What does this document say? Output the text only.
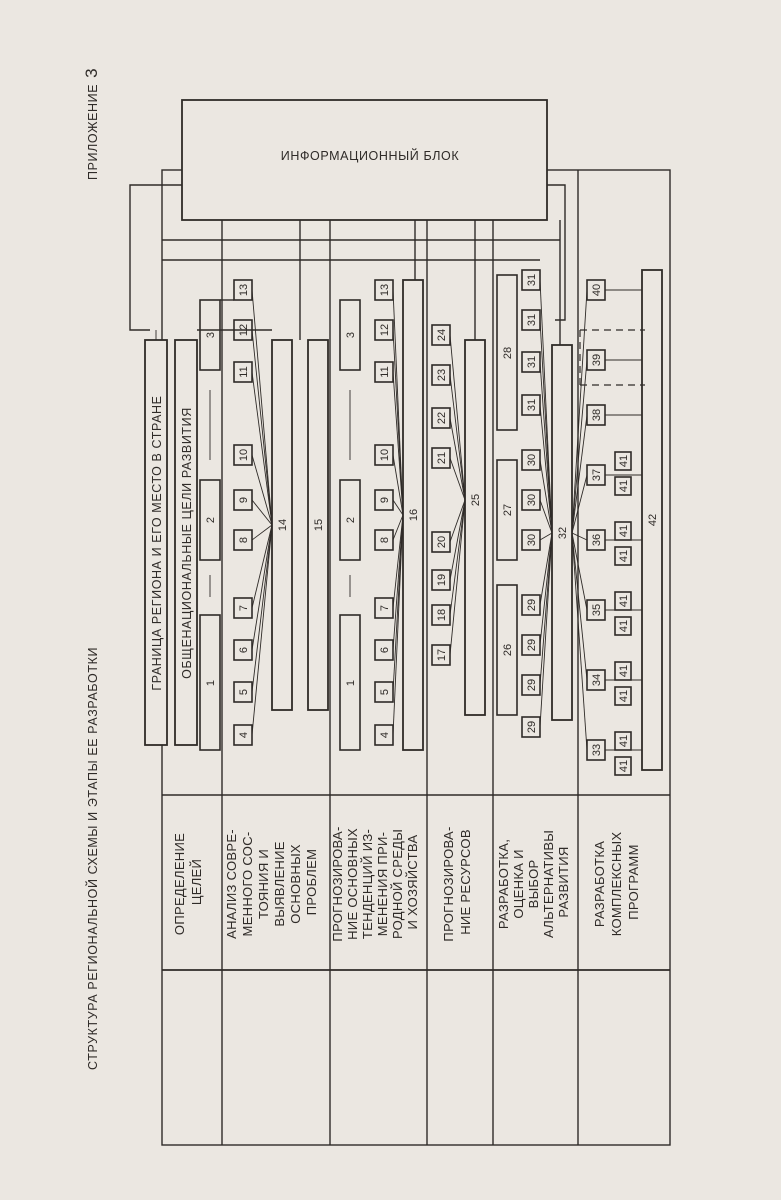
СТРУКТУРА РЕГИОНАЛЬНОЙ СХЕМЫ И ЭТАПЫ ЕЕ РАЗРАБОТКИ
ПРИЛОЖЕНИЕ3
ОПРЕДЕЛЕНИЕ ЦЕЛЕЙ АНАЛИЗ СОВРЕ- МЕННОГО СОС- ТОЯНИЯ И ВЫЯВЛЕНИЕ ОСНОВНЫХ ПРОБЛЕМ ПРОГНОЗИРОВА- НИЕ ОСНОВНЫХ ТЕНДЕНЦИЙ ИЗ- МЕНЕНИЯ ПРИ- РОДНОЙ СРЕДЫ И ХОЗЯЙСТВА ПРОГНОЗИРОВА- НИЕ РЕСУРСОВ РАЗРАБОТКА, ОЦЕНКА И ВЫБОР АЛЬТЕРНАТИВЫ РАЗВИТИЯ РАЗРАБОТКА КОМПЛЕКСНЫХ ПРОГРАММ
ИНФОРМАЦИОННЫЙ БЛОК
ГРАНИЦА РЕГИОНА И ЕГО МЕСТО В СТРАНЕ ОБЩЕНАЦИОНАЛЬНЫЕ ЦЕЛИ РАЗВИТИЯ
1
2
3
4
5
6
7
8
9
10
11
12
13
14 15
1
2
3
4
5
6
7
8
9
10
11
12
13
16
17
18
19
20
21
22
23
24
25
26
27
28
29
29
29
29
30
30
30
31
31
31
31
32
33
34
35
36
37
38
39
40
41
41
41
41
41
41
41
41
41
41
42
